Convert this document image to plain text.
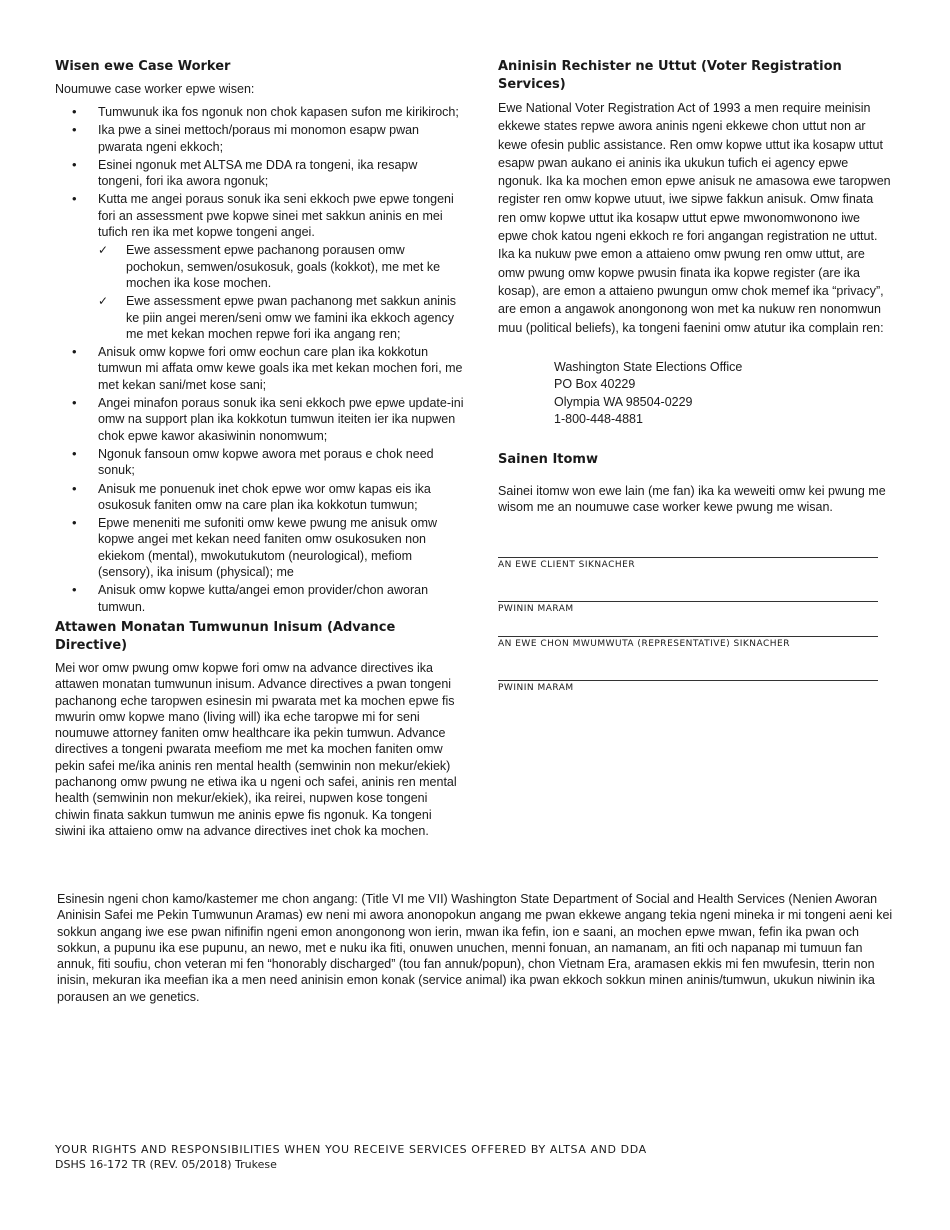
Wisen ewe Case Worker

Noumuwe case worker epwe wisen:

• Tumwunuk ika fos ngonuk non chok kapasen sufon me kirikiroch;
• Ika pwe a sinei mettoch/poraus mi monomon esapw pwan pwarata ngeni ekkoch;
• Esinei ngonuk met ALTSA me DDA ra tongeni, ika resapw tongeni, fori ika awora ngonuk;
• Kutta me angei poraus sonuk ika seni ekkoch pwe epwe tongeni fori an assessment pwe kopwe sinei met sakkun aninis en mei tufich ren ika met kopwe tongeni angei.
✓ Ewe assessment epwe pachanong porausen omw pochokun, semwen/osukosuk, goals (kokkot), me met ke mochen ika kose mochen.
✓ Ewe assessment epwe pwan pachanong met sakkun aninis ke piin angei meren/seni omw we famini ika ekkoch agency me met kekan mochen repwe fori ika angang ren;
• Anisuk omw kopwe fori omw eochun care plan ika kokkotun tumwun mi affata omw kewe goals ika met kekan mochen fori, me met kekan sani/met kose sani;
• Angei minafon poraus sonuk ika seni ekkoch pwe epwe update-ini omw na support plan ika kokkotun tumwun iteiten ier ika nupwen chok epwe kawor akasiwinin nonomwum;
• Ngonuk fansoun omw kopwe awora met poraus e chok need sonuk;
• Anisuk me ponuenuk inet chok epwe wor omw kapas eis ika osukosuk faniten omw na care plan ika kokkotun tumwun;
• Epwe meneniti me sufoniti omw kewe pwung me anisuk omw kopwe angei met kekan need faniten omw osukosuken non ekiekom (mental), mwokutukutom (neurological), mefiom (sensory), ika inisum (physical); me
• Anisuk omw kopwe kutta/angei emon provider/chon aworan tumwun.
Attawen Monatan Tumwunun Inisum (Advance Directive)

Mei wor omw pwung omw kopwe fori omw na advance directives ika attawen monatan tumwunun inisum. Advance directives a pwan tongeni pachanong eche taropwen esinesin mi pwarata met ka mochen epwe fis mwurin omw kopwe mano (living will) ika eche taropwe mi for seni noumuwe attorney faniten omw healthcare ika pekin tumwun. Advance directives a tongeni pwarata meefiom me met ka mochen faniten omw pekin safei me/ika aninis ren mental health (semwinin non mekur/ekiek) pachanong omw pwung ne etiwa ika u ngeni och safei, aninis ren mental health (semwinin non mekur/ekiek), ika reirei, nupwen kose tongeni chiwin finata sakkun tumwun me aninis epwe fis ngonuk. Ka tongeni siwini ika attaieno omw na advance directives inet chok ka mochen.

Aninisin Rechister ne Uttut (Voter Registration Services)

Ewe National Voter Registration Act of 1993 a men require meinisin ekkewe states repwe awora aninis ngeni ekkewe chon uttut non ar kewe ofesin public assistance. Ren omw kopwe uttut ika kosapw uttut esapw pwan aukano ei aninis ika ukukun tufich ei agency epwe ngonuk. Ika ka mochen emon epwe anisuk ne amasowa ewe taropwen register ren omw kopwe utuut, iwe sipwe fakkun anisuk. Omw finata ren omw kopwe uttut ika kosapw uttut epwe mwonomwonono iwe epwe chok katou ngeni ekkoch re fori angangan registration ne uttut. Ika ka nukuw pwe emon a attaieno omw pwung ren omw uttut, are omw pwung omw kopwe pwusin finata ika kopwe register (are ika kosap), are emon a attaieno pwungun omw chok memef ika “privacy”, are emon a angawok anongonong won met ka nukuw ren nonomwun muu (political beliefs), ka tongeni faenini omw atutur ika complain ren:

Washington State Elections Office
PO Box 40229
Olympia WA 98504-0229
1-800-448-4881
Sainen Itomw

Sainei itomw won ewe lain (me fan) ika ka weweiti omw kei pwung me wisom me an noumuwe case worker kewe pwung me wisan.

AN EWE CLIENT SIKNACHER
PWININ MARAM
AN EWE CHON MWUMWUTA (REPRESENTATIVE) SIKNACHER
PWININ MARAM

Esinesin ngeni chon kamo/kastemer me chon angang: (Title VI me VII) Washington State Department of Social and Health Services (Nenien Aworan Aninisin Safei me Pekin Tumwunun Aramas) ew neni mi awora anonopokun angang me pwan ekkewe angang tekia ngeni mineka ir mi tongeni aeni kei sokkun angang iwe ese pwan nifinifin ngeni emon anongonong won ierin, mwan ika fefin, ion e saani, an mochen epwe mwan, fefin ika pwan och sokkun, a pupunu ika ese pupunu, an newo, met e nuku ika fiti, onuwen unuchen, menni fonuan, an namanam, an fiti och napanap mi tumuun fan annuk, fiti soufiu, chon veteran mi fen “honorably discharged” (tou fan annuk/popun), chon Vietnam Era, aramasen ekkis mi fen mwufesin, tterin non inisin, mekuran ika meefian ika a men need aninisin emon konak (service animal) ika pwan ekkoch sokkun minen aninis/tumwun, ukukun niwinin ika porausen an we genetics.

YOUR RIGHTS AND RESPONSIBILITIES WHEN YOU RECEIVE SERVICES OFFERED BY ALTSA AND DDA
DSHS 16-172 TR (REV. 05/2018) Trukese
